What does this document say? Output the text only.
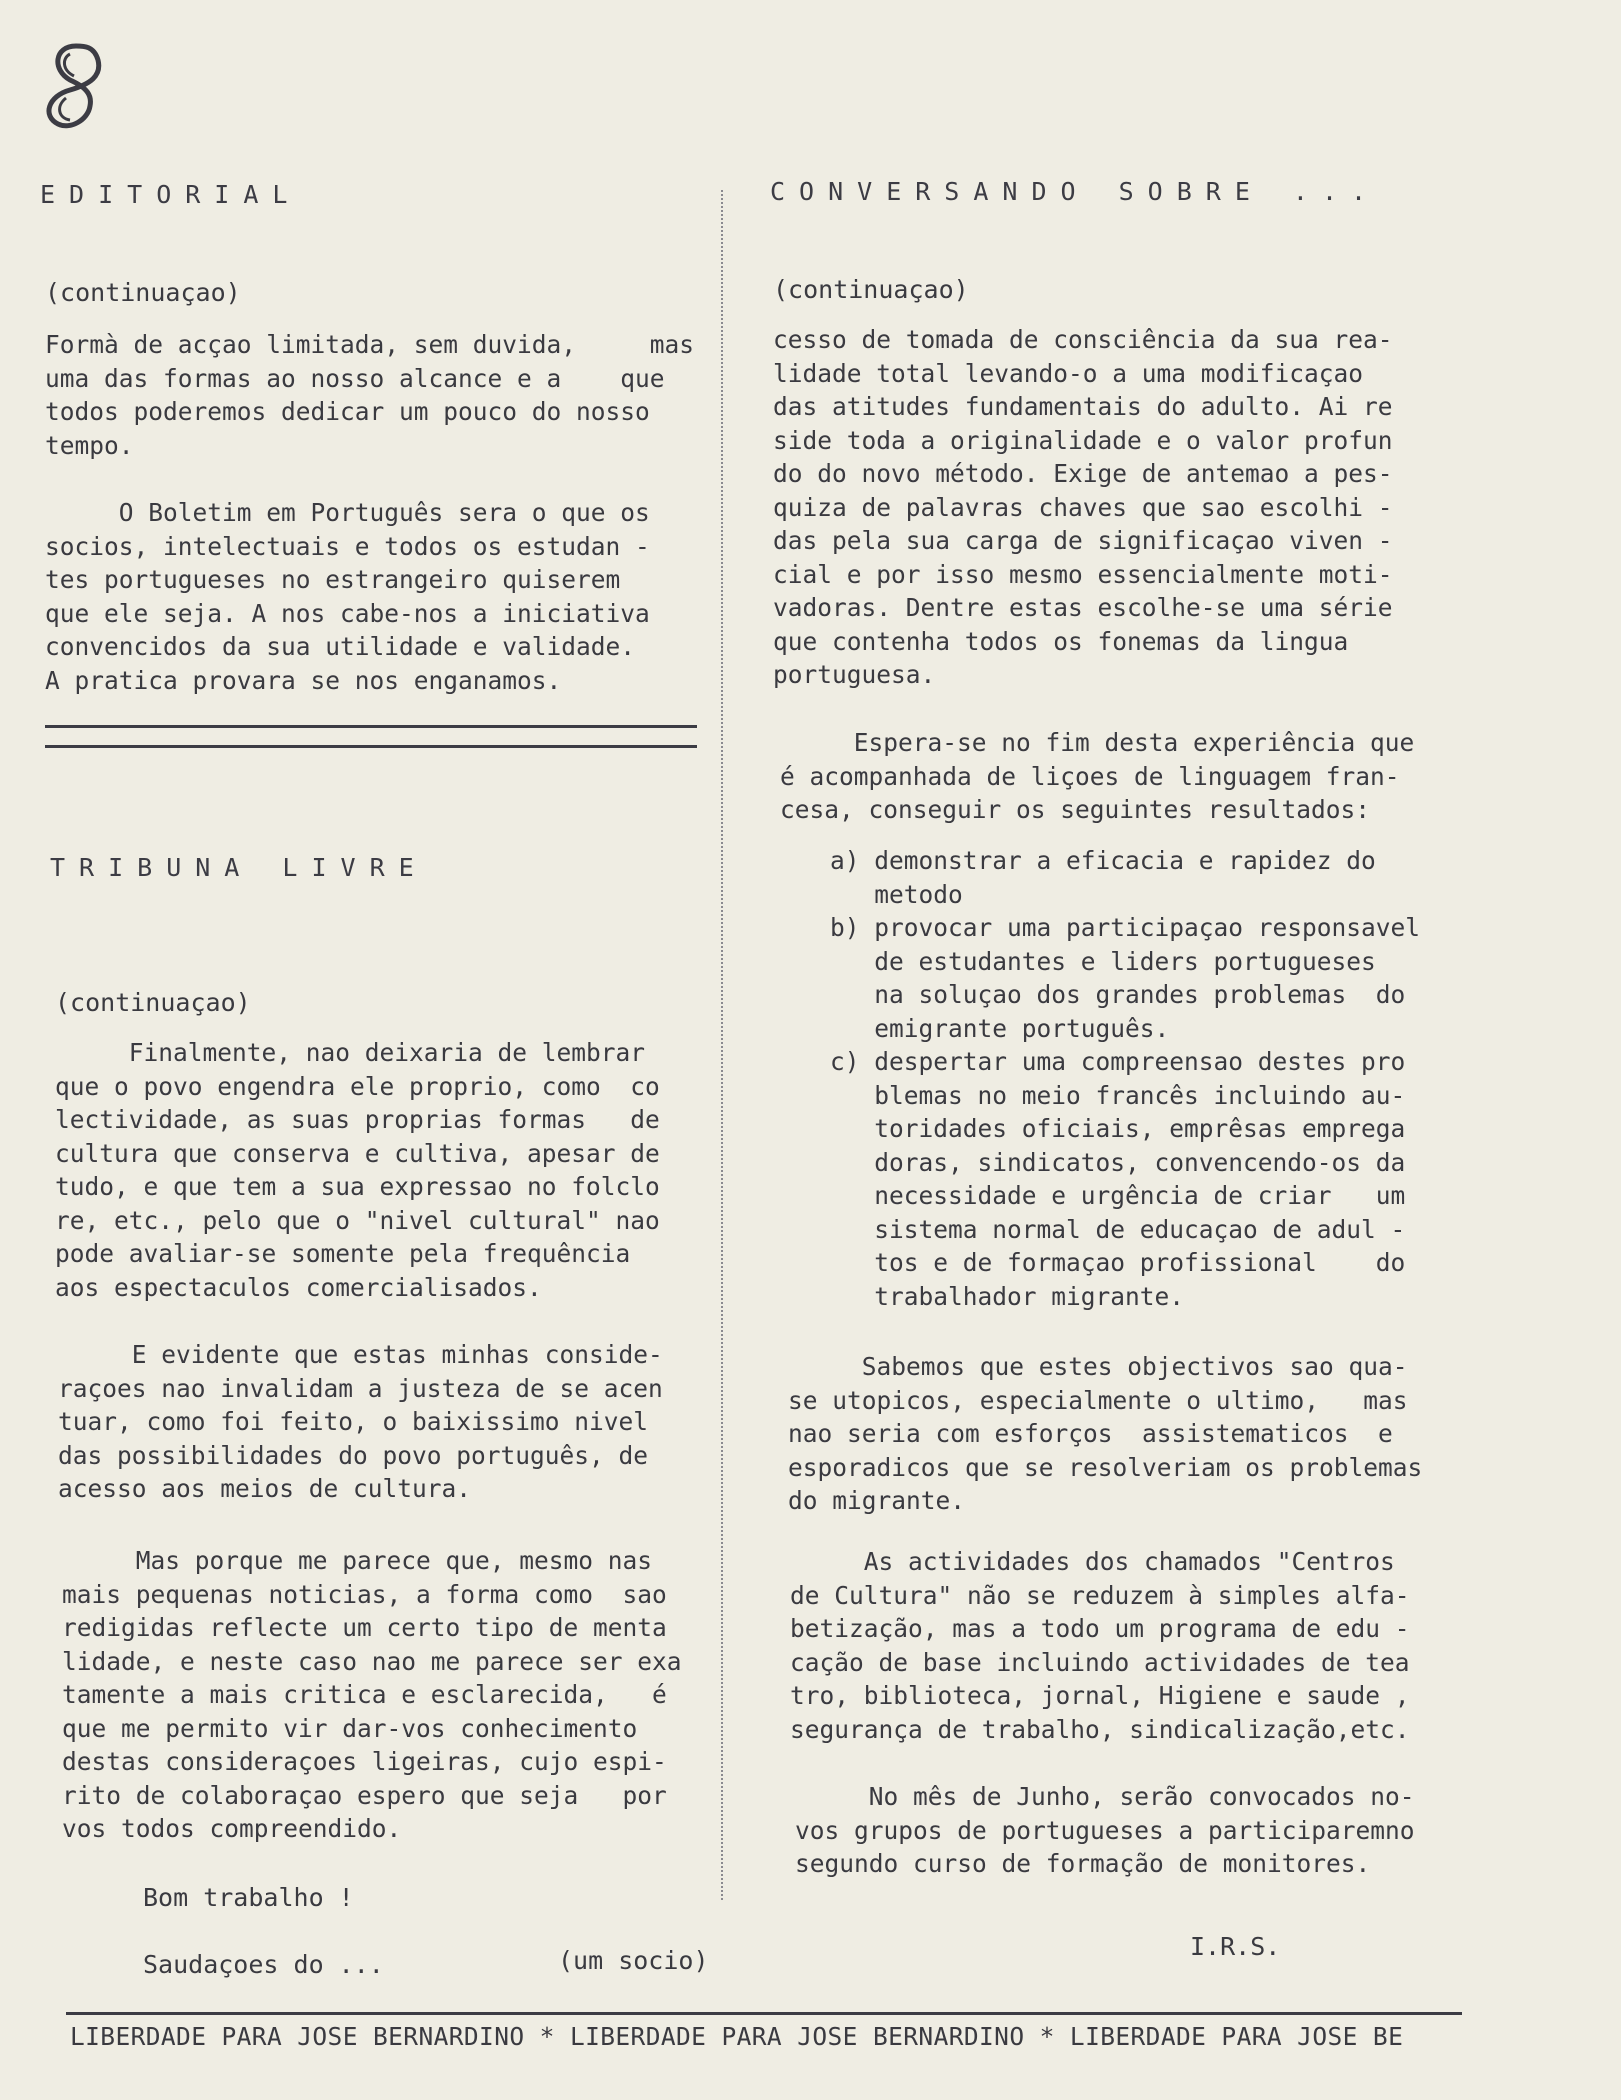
EDITORIAL
(continuaçao)
Formà de acçao limitada, sem duvida,     mas
uma das formas ao nosso alcance e a    que
todos poderemos dedicar um pouco do nosso
tempo.
O Boletim em Português sera o que os
socios, intelectuais e todos os estudan -
tes portugueses no estrangeiro quiserem
que ele seja. A nos cabe-nos a iniciativa
convencidos da sua utilidade e validade.
A pratica provara se nos enganamos.
TRIBUNA LIVRE
(continuaçao)
Finalmente, nao deixaria de lembrar
que o povo engendra ele proprio, como  co
lectividade, as suas proprias formas   de
cultura que conserva e cultiva, apesar de
tudo, e que tem a sua expressao no folclo
re, etc., pelo que o "nivel cultural" nao
pode avaliar-se somente pela frequência
aos espectaculos comercialisados.
E evidente que estas minhas conside-
raçoes nao invalidam a justeza de se acen
tuar, como foi feito, o baixissimo nivel
das possibilidades do povo português, de
acesso aos meios de cultura.
Mas porque me parece que, mesmo nas
mais pequenas noticias, a forma como  sao
redigidas reflecte um certo tipo de menta
lidade, e neste caso nao me parece ser exa
tamente a mais critica e esclarecida,   é
que me permito vir dar-vos conhecimento
destas consideraçoes ligeiras, cujo espi-
rito de colaboraçao espero que seja   por
vos todos compreendido.
Bom trabalho !
Saudaçoes do ...	(um socio)
CONVERSANDO SOBRE ...
(continuaçao)
cesso de tomada de consciência da sua rea-
lidade total levando-o a uma modificaçao
das atitudes fundamentais do adulto. Ai re
side toda a originalidade e o valor profun
do do novo método. Exige de antemao a pes-
quiza de palavras chaves que sao escolhi -
das pela sua carga de significaçao viven -
cial e por isso mesmo essencialmente moti-
vadoras. Dentre estas escolhe-se uma série
que contenha todos os fonemas da lingua
portuguesa.
Espera-se no fim desta experiência que
é acompanhada de liçoes de linguagem fran-
cesa, conseguir os seguintes resultados:
a) demonstrar a eficacia e rapidez do
metodo
b) provocar uma participaçao responsavel
de estudantes e liders portugueses
na soluçao dos grandes problemas  do
emigrante português.
c) despertar uma compreensao destes pro
blemas no meio francês incluindo au-
toridades oficiais, emprêsas emprega
doras, sindicatos, convencendo-os da
necessidade e urgência de criar   um
sistema normal de educaçao de adul -
tos e de formaçao profissional    do
trabalhador migrante.
Sabemos que estes objectivos sao qua-
se utopicos, especialmente o ultimo,   mas
nao seria com esforços  assistematicos  e
esporadicos que se resolveriam os problemas
do migrante.
As actividades dos chamados "Centros
de Cultura" não se reduzem à simples alfa-
betização, mas a todo um programa de edu -
cação de base incluindo actividades de tea
tro, biblioteca, jornal, Higiene e saude ,
segurança de trabalho, sindicalização,etc.
No mês de Junho, serão convocados no-
vos grupos de portugueses a participaremno
segundo curso de formação de monitores.
I.R.S.
LIBERDADE PARA JOSE BERNARDINO * LIBERDADE PARA JOSE BERNARDINO * LIBERDADE PARA JOSE BE
